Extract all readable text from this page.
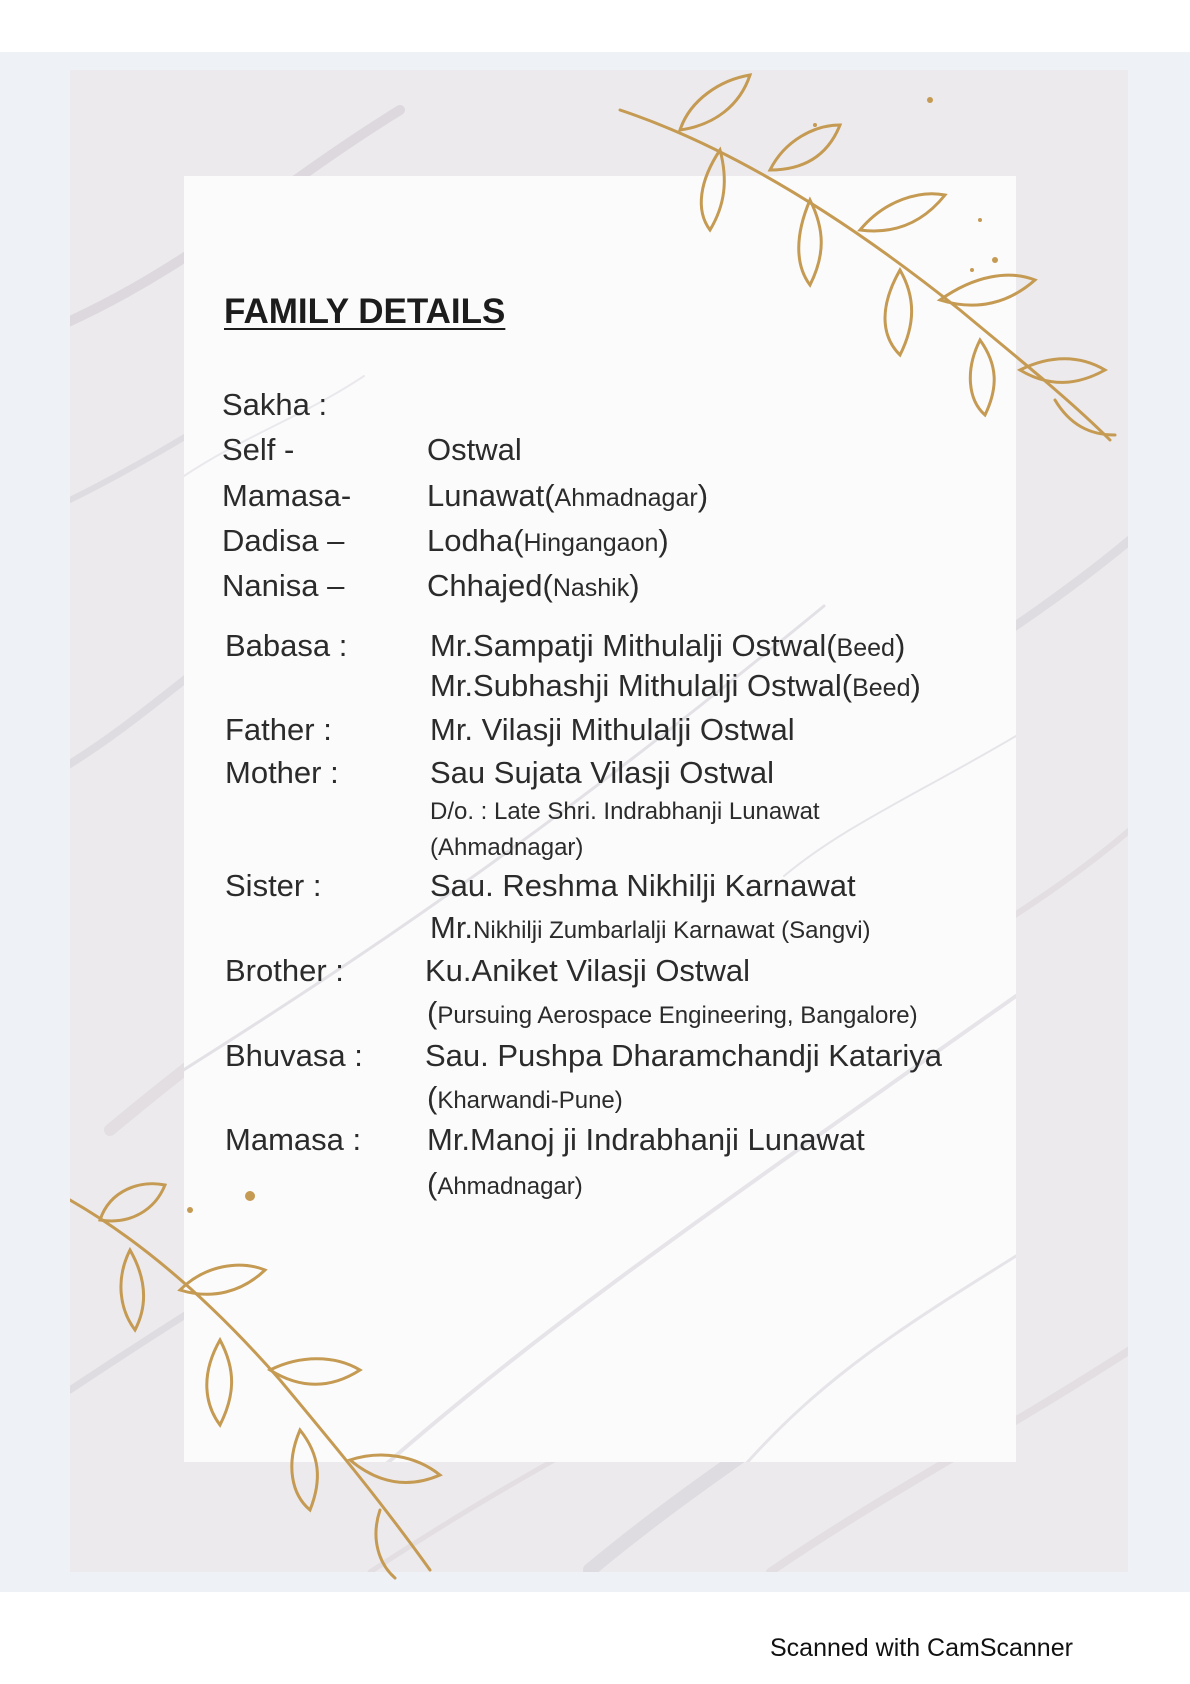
FAMILY DETAILS
Sakha :
Self -	Ostwal
Mamasa- Lunawat(Ahmadnagar)
Dadisa –	Lodha(Hingangaon)
Nanisa –	Chhajed(Nashik)
Babasa :	Mr.Sampatji Mithulalji Ostwal(Beed)
Mr.Subhashji Mithulalji Ostwal(Beed)
Father :	Mr. Vilasji Mithulalji Ostwal
Mother :	Sau Sujata Vilasji Ostwal
D/o. : Late Shri. Indrabhanji Lunawat
(Ahmadnagar)
Sister :	Sau. Reshma Nikhilji Karnawat
Mr.Nikhilji Zumbarlalji Karnawat (Sangvi)
Brother :	Ku.Aniket Vilasji Ostwal
(Pursuing Aerospace Engineering, Bangalore)
Bhuvasa : Sau. Pushpa Dharamchandji Katariya
(Kharwandi-Pune)
Mamasa : Mr.Manoj ji Indrabhanji Lunawat
(Ahmadnagar)
Scanned with CamScanner
